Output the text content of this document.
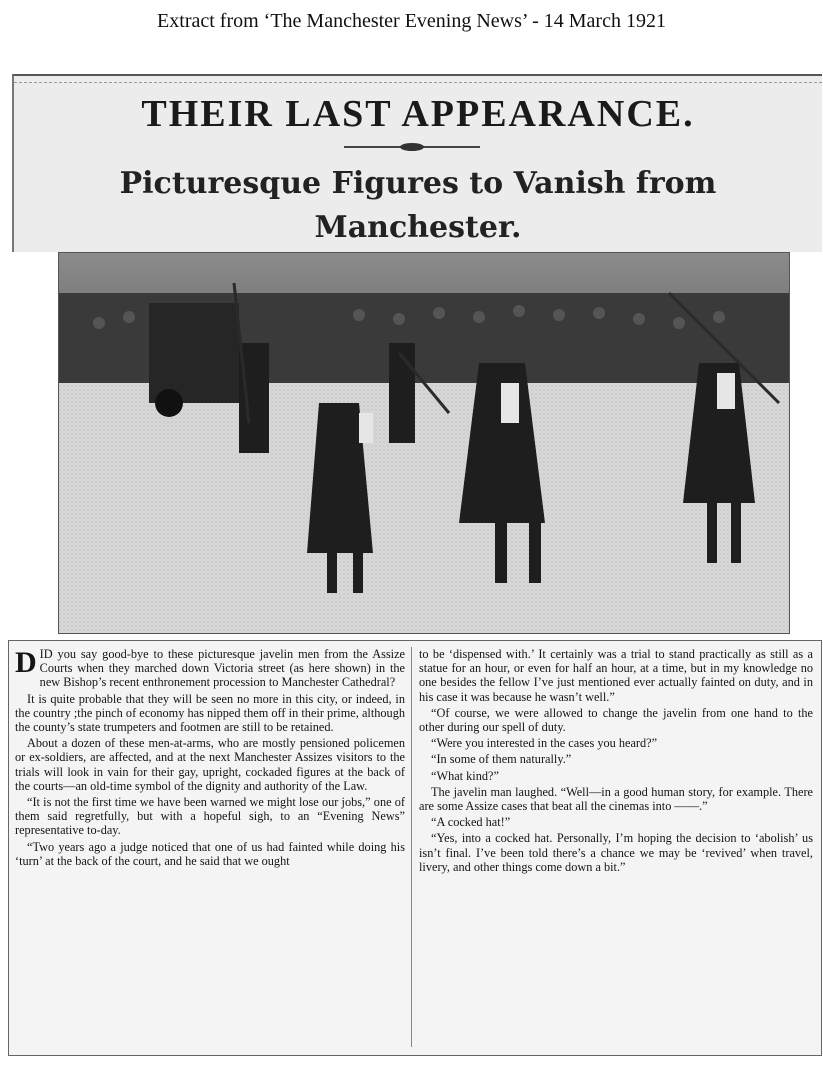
Extract from ‘The Manchester Evening News’ - 14 March 1921
THEIR LAST APPEARANCE.
Picturesque Figures to Vanish from Manchester.

DID you say good-bye to these picturesque javelin men from the Assize Courts when they marched down Victoria street (as here shown) in the new Bishop’s recent enthronement procession to Manchester Cathedral?

It is quite probable that they will be seen no more in this city, or indeed, in the country ;the pinch of economy has nipped them off in their prime, although the county’s state trumpeters and footmen are still to be retained.

About a dozen of these men-at-arms, who are mostly pensioned policemen or ex-soldiers, are affected, and at the next Manchester Assizes visitors to the trials will look in vain for their gay, upright, cockaded figures at the back of the courts—an old-time symbol of the dignity and authority of the Law.

“It is not the first time we have been warned we might lose our jobs,” one of them said regretfully, but with a hopeful sigh, to an “Evening News” representative to-day.

“Two years ago a judge noticed that one of us had fainted while doing his ‘turn’ at the back of the court, and he said that we ought

to be ‘dispensed with.’ It certainly was a trial to stand practically as still as a statue for an hour, or even for half an hour, at a time, but in my knowledge no one besides the fellow I’ve just mentioned ever actually fainted on duty, and in his case it was because he wasn’t well.”

“Of course, we were allowed to change the javelin from one hand to the other during our spell of duty.

“Were you interested in the cases you heard?”

“In some of them naturally.”

“What kind?”

The javelin man laughed. “Well—in a good human story, for example. There are some Assize cases that beat all the cinemas into ——.”

“A cocked hat!”

“Yes, into a cocked hat. Personally, I’m hoping the decision to ‘abolish’ us isn’t final. I’ve been told there’s a chance we may be ‘revived’ when travel, livery, and other things come down a bit.”
